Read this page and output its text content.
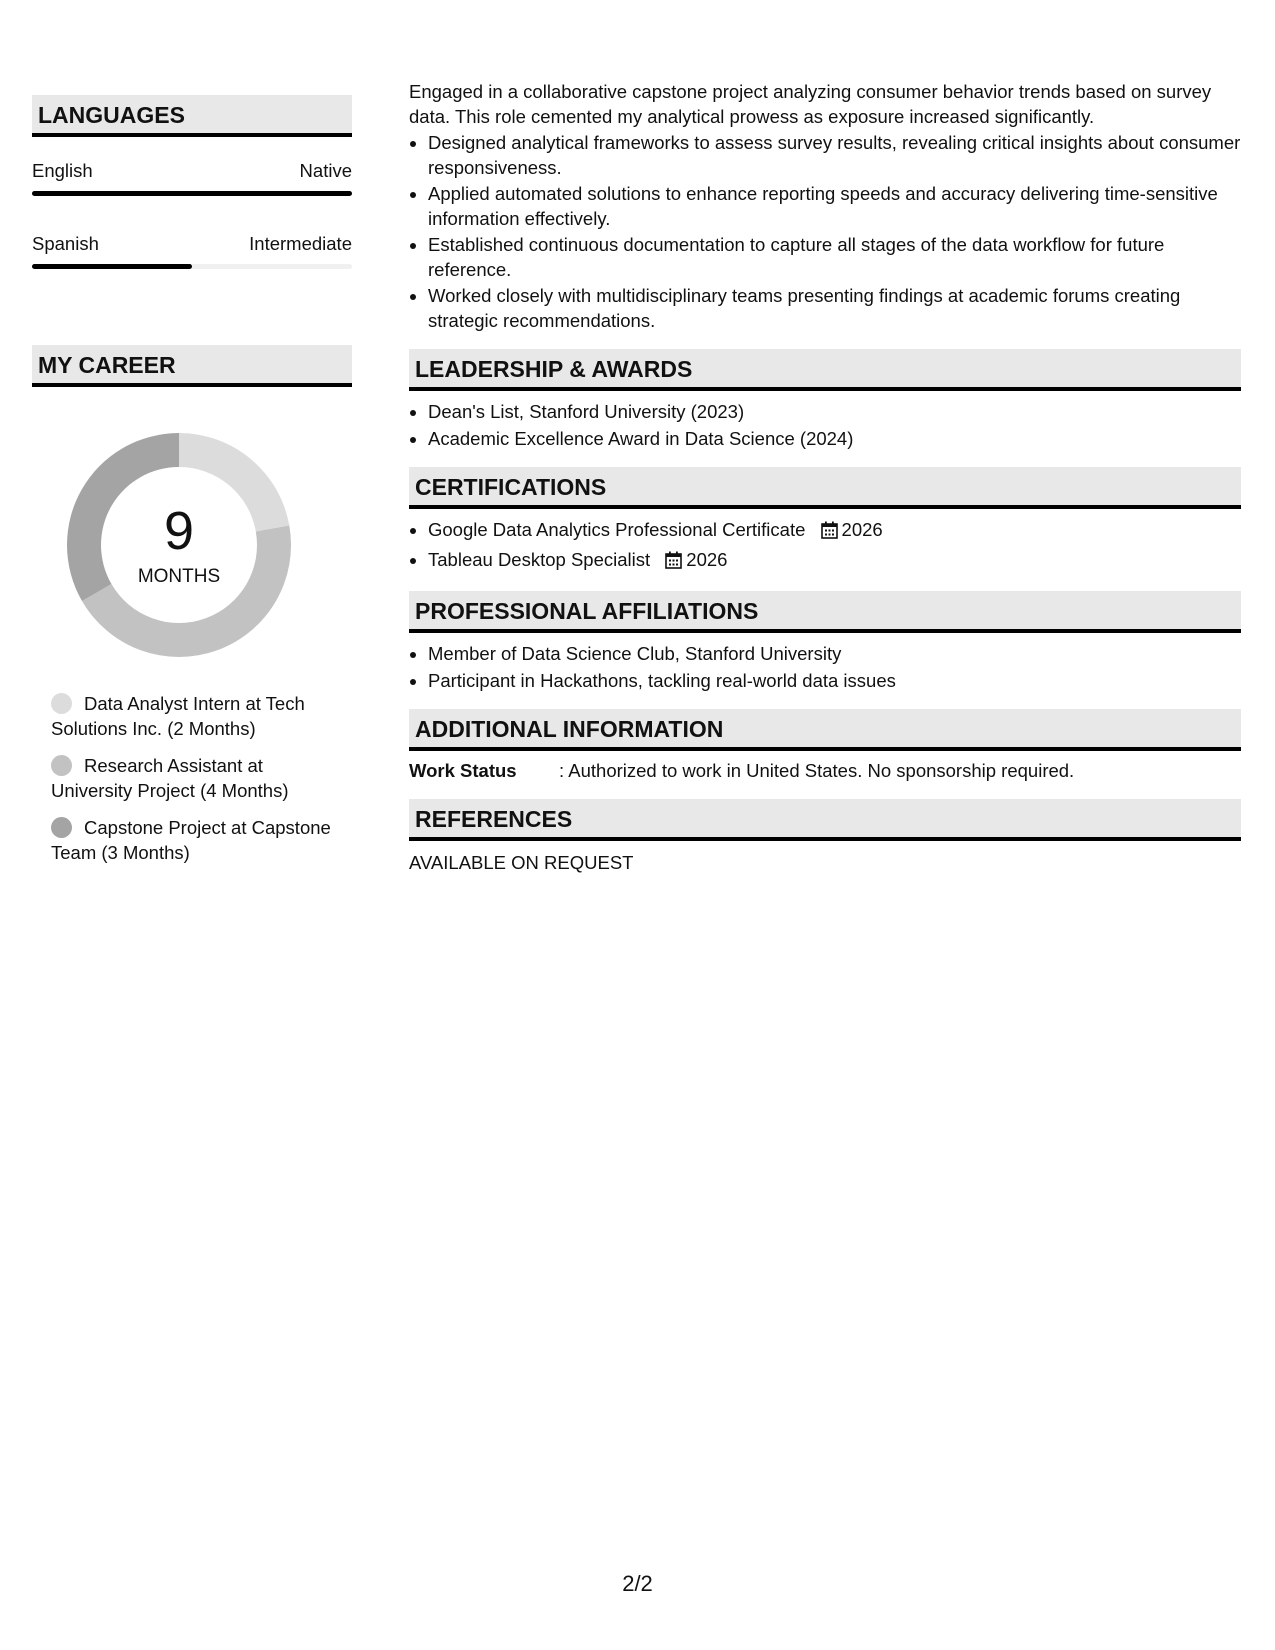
LANGUAGES
English	Native
Spanish	Intermediate
MY CAREER
9
MONTHS
Data Analyst Intern at Tech Solutions Inc. (2 Months)
Research Assistant at University Project (4 Months)
Capstone Project at Capstone Team (3 Months)

Engaged in a collaborative capstone project analyzing consumer behavior trends based on survey data. This role cemented my analytical prowess as exposure increased significantly.

• Designed analytical frameworks to assess survey results, revealing critical insights about consumer responsiveness.
• Applied automated solutions to enhance reporting speeds and accuracy delivering time-sensitive information effectively.
• Established continuous documentation to capture all stages of the data workflow for future reference.
• Worked closely with multidisciplinary teams presenting findings at academic forums creating strategic recommendations.
LEADERSHIP & AWARDS
• Dean's List, Stanford University (2023)
• Academic Excellence Award in Data Science (2024)
CERTIFICATIONS
• Google Data Analytics Professional Certificate 2026
• Tableau Desktop Specialist 2026
PROFESSIONAL AFFILIATIONS
• Member of Data Science Club, Stanford University
• Participant in Hackathons, tackling real-world data issues
ADDITIONAL INFORMATION
Work Status	: Authorized to work in United States. No sponsorship required.
REFERENCES
AVAILABLE ON REQUEST
2/2
